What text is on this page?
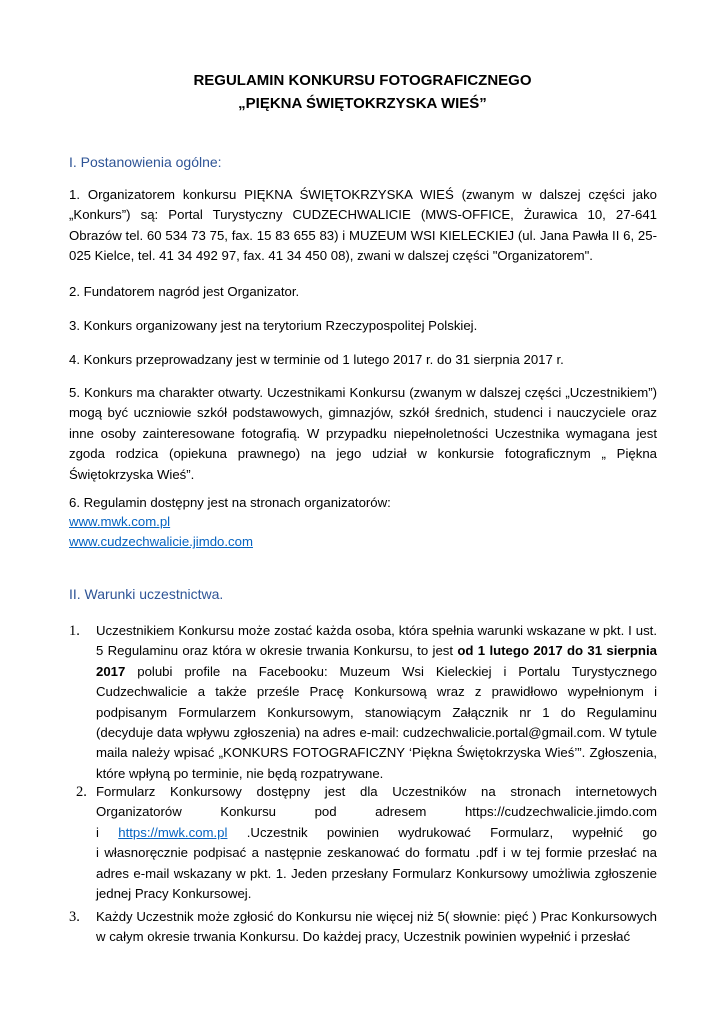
REGULAMIN KONKURSU FOTOGRAFICZNEGO
„PIĘKNA ŚWIĘTOKRZYSKA WIEŚ”
I. Postanowienia ogólne:
1. Organizatorem konkursu PIĘKNA ŚWIĘTOKRZYSKA WIEŚ (zwanym w dalszej części jako „Konkurs”) są: Portal Turystyczny CUDZECHWALICIE (MWS-OFFICE, Żurawica 10, 27-641 Obrazów tel. 60 534 73 75, fax. 15 83 655 83) i MUZEUM WSI KIELECKIEJ (ul. Jana Pawła II 6, 25-025 Kielce, tel. 41 34 492 97, fax. 41 34 450 08), zwani w dalszej części "Organizatorem".
2. Fundatorem nagród jest Organizator.
3. Konkurs organizowany jest na terytorium Rzeczypospolitej Polskiej.
4. Konkurs przeprowadzany jest w terminie od 1 lutego 2017 r. do 31 sierpnia 2017 r.
5. Konkurs ma charakter otwarty. Uczestnikami Konkursu (zwanym w dalszej części „Uczestnikiem”) mogą być uczniowie szkół podstawowych, gimnazjów, szkół średnich, studenci i nauczyciele oraz inne osoby zainteresowane fotografią. W przypadku niepełnoletności Uczestnika wymagana jest zgoda rodzica (opiekuna prawnego) na jego udział w konkursie fotograficznym „ Piękna Świętokrzyska Wieś”.
6. Regulamin dostępny jest na stronach organizatorów:

www.mwk.com.pl

www.cudzechwalicie.jimdo.com

II. Warunki uczestnictwa.
1. Uczestnikiem Konkursu może zostać każda osoba, która spełnia warunki wskazane w pkt. I ust. 5 Regulaminu oraz która w okresie trwania Konkursu, to jest od 1 lutego 2017 do 31 sierpnia 2017 polubi profile na Facebooku: Muzeum Wsi Kieleckiej i Portalu Turystycznego Cudzechwalicie a także prześle Pracę Konkursową wraz z prawidłowo wypełnionym i podpisanym Formularzem Konkursowym, stanowiącym Załącznik nr 1 do Regulaminu (decyduje data wpływu zgłoszenia) na adres e-mail: cudzechwalicie.portal@gmail.com. W tytule maila należy wpisać „KONKURS FOTOGRAFICZNY ‘Piękna Świętokrzyska Wieś’”. Zgłoszenia, które wpłyną po terminie, nie będą rozpatrywane.
2. Formularz Konkursowy dostępny jest dla Uczestników na stronach internetowych
Organizatorów Konkursu pod adresem https://cudzechwalicie.jimdo.com
i https://mwk.com.pl .Uczestnik powinien wydrukować Formularz, wypełnić go
i własnoręcznie podpisać a następnie zeskanować do formatu .pdf i w tej formie przesłać na adres e-mail wskazany w pkt. 1. Jeden przesłany Formularz Konkursowy umożliwia zgłoszenie jednej Pracy Konkursowej.
3. Każdy Uczestnik może zgłosić do Konkursu nie więcej niż 5( słownie: pięć ) Prac Konkursowych w całym okresie trwania Konkursu. Do każdej pracy, Uczestnik powinien wypełnić i przesłać
